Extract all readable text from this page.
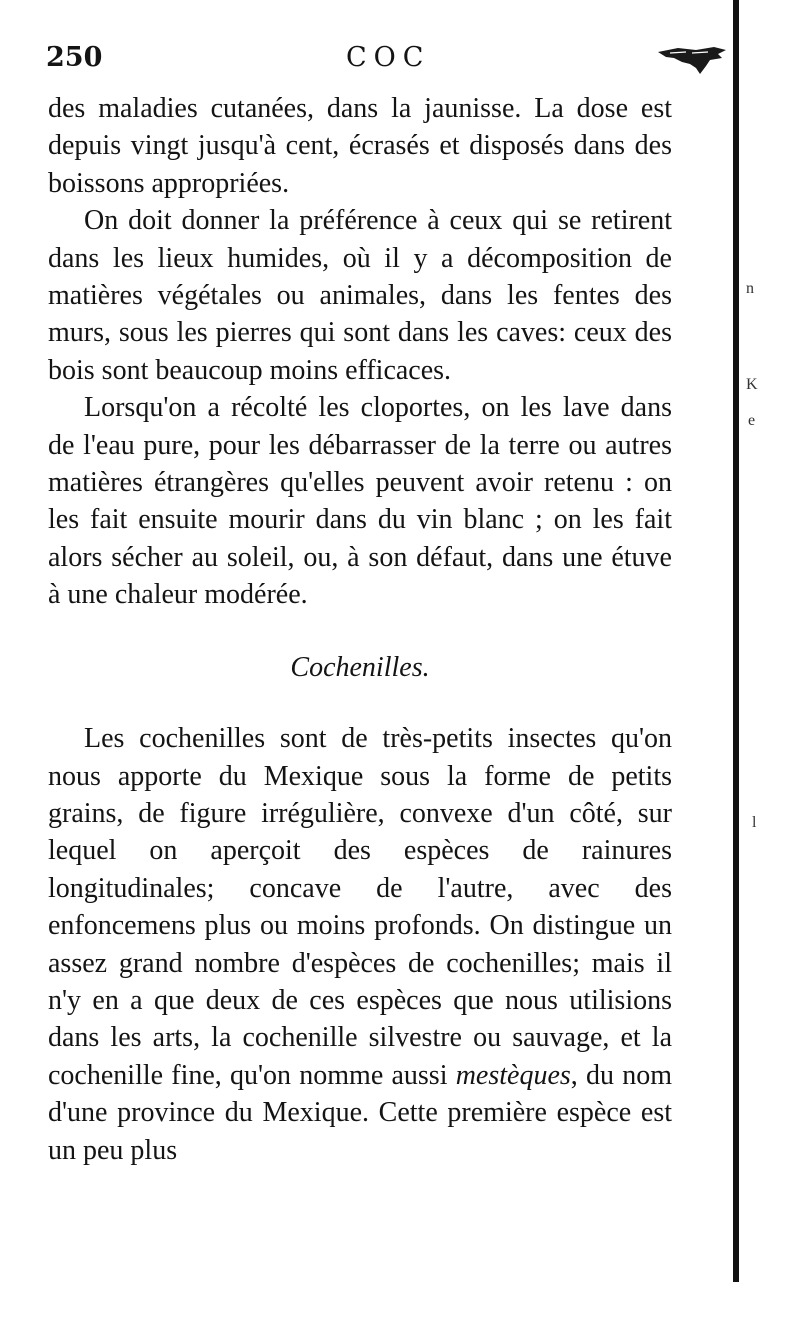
250	COC

des maladies cutanées, dans la jaunisse. La dose est depuis vingt jusqu'à cent, écrasés et disposés dans des boissons appropriées.

On doit donner la préférence à ceux qui se retirent dans les lieux humides, où il y a décomposition de matières végétales ou animales, dans les fentes des murs, sous les pierres qui sont dans les caves: ceux des bois sont beaucoup moins efficaces.

Lorsqu'on a récolté les cloportes, on les lave dans de l'eau pure, pour les débarrasser de la terre ou autres matières étrangères qu'elles peuvent avoir retenu : on les fait ensuite mourir dans du vin blanc ; on les fait alors sécher au soleil, ou, à son défaut, dans une étuve à une chaleur modérée.

Cochenilles.

Les cochenilles sont de très-petits insectes qu'on nous apporte du Mexique sous la forme de petits grains, de figure irrégulière, convexe d'un côté, sur lequel on aperçoit des espèces de rainures longitudinales; concave de l'autre, avec des enfoncemens plus ou moins profonds. On distingue un assez grand nombre d'espèces de cochenilles; mais il n'y en a que deux de ces espèces que nous utilisions dans les arts, la cochenille silvestre ou sauvage, et la cochenille fine, qu'on nomme aussi mestèques, du nom d'une province du Mexique. Cette première espèce est un peu plus

n
K
e
l
